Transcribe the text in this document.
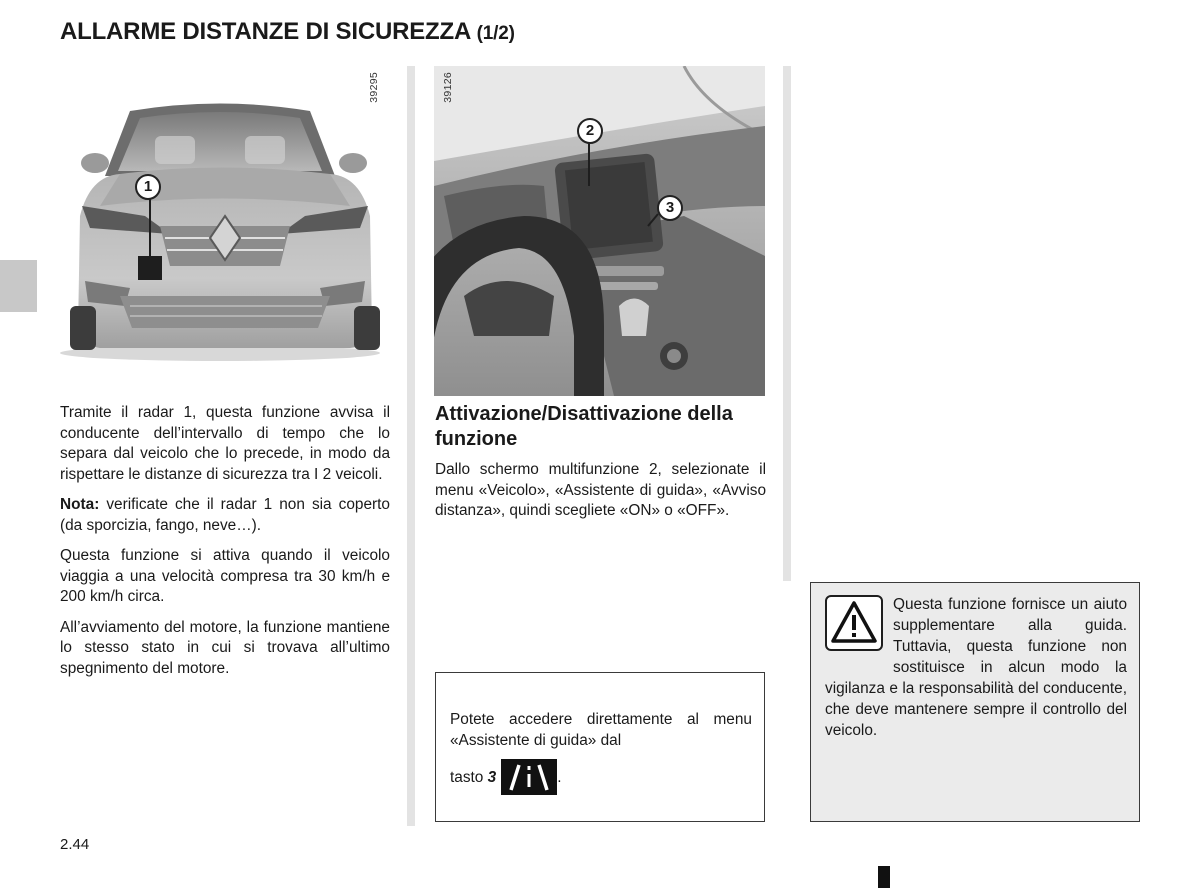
ALLARME DISTANZE DI SICUREZZA (1/2)
1
39295
2
3
39126

Tramite il radar 1, questa funzione avvisa il conducente dell’intervallo di tempo che lo separa dal veicolo che lo precede, in modo da rispettare le distanze di sicurezza tra I 2 veicoli.

Nota: verificate che il radar 1 non sia coperto (da sporcizia, fango, neve…).

Questa funzione si attiva quando il veicolo viaggia a una velocità compresa tra 30 km/h e 200 km/h circa.

All’avviamento del motore, la funzione mantiene lo stesso stato in cui si trovava all’ultimo spegnimento del motore.

Attivazione/Disattivazione della funzione

Dallo schermo multifunzione 2, selezionate il menu «Veicolo», «Assistente di guida», «Avviso distanza», quindi scegliete «ON» o «OFF».

Potete accedere direttamente al menu «Assistente di guida» dal
tasto
3	.
Questa funzione fornisce un aiuto supplementare alla guida. Tuttavia, questa funzione non sostituisce in alcun modo la vigilanza e la responsabilità del conducente, che deve mantenere sempre il controllo del veicolo.
2.44
